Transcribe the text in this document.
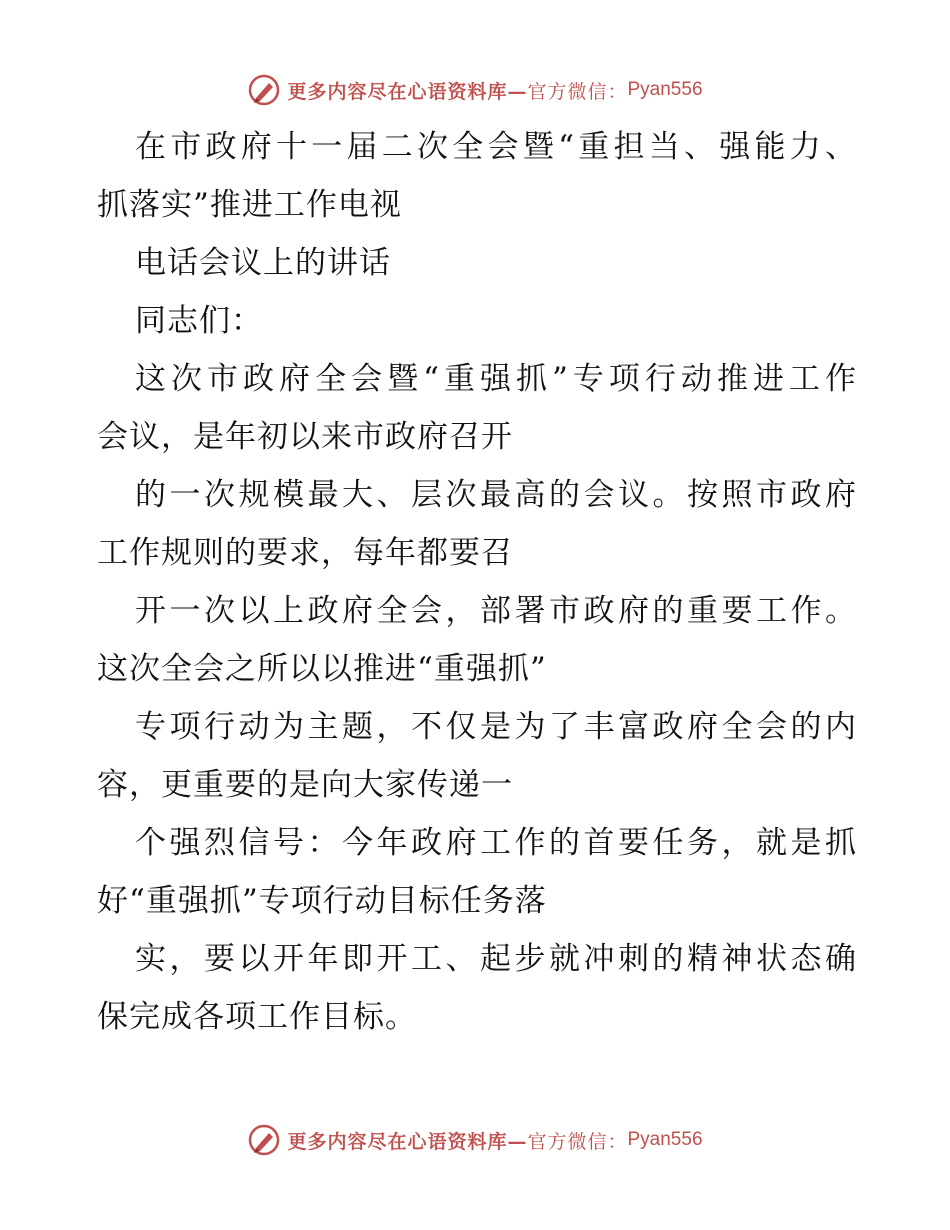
更多内容尽在心语资料库— 官方微信： Pyan556
在市政府十一届二次全会暨“重担当、强能力、
抓落实”推进工作电视
电话会议上的讲话
同志们：
这次市政府全会暨“重强抓”专项行动推进工作
会议，是年初以来市政府召开
的一次规模最大、层次最高的会议。按照市政府
工作规则的要求，每年都要召
开一次以上政府全会，部署市政府的重要工作。
这次全会之所以以推进“重强抓”
专项行动为主题，不仅是为了丰富政府全会的内
容，更重要的是向大家传递一
个强烈信号：今年政府工作的首要任务，就是抓
好“重强抓”专项行动目标任务落
实，要以开年即开工、起步就冲刺的精神状态确
保完成各项工作目标。
更多内容尽在心语资料库— 官方微信： Pyan556
